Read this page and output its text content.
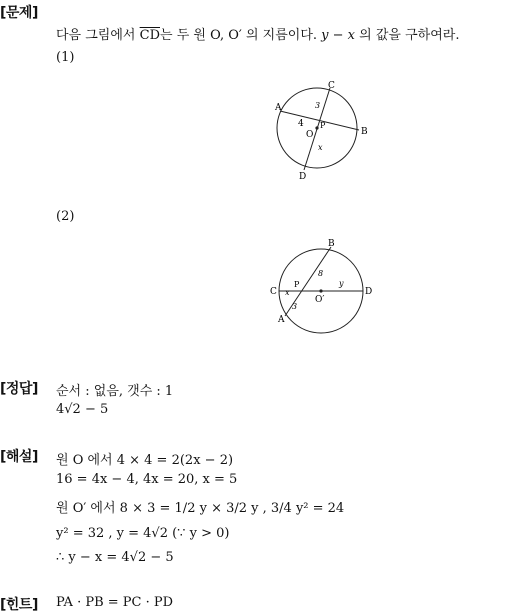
[문제]
다음 그림에서 $\overline{CD}$는 두 원 O, O′ 의 지름이다. y − x 의 값을 구하여라.
(1)
A
B
C
D
O
P
4
3
x
(2)
B
C	D
A
O′
P
8
3
x
y
[정답] 순서 : 없음, 갯수 : 1
4√2 − 5
[해설] 원 O 에서 4 × 4 = 2(2x − 2)
16 = 4x − 4, 4x = 20, x = 5
원 O′ 에서 8 × 3 = 1/2 y × 3/2 y , 3/4 y² = 24
y² = 32 , y = 4√2 (∵ y > 0)
∴ y − x = 4√2 − 5
[힌트] PA · PB = PC · PD
